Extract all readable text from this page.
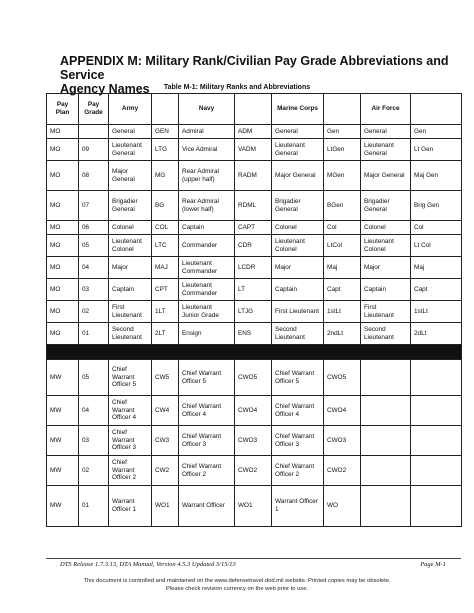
APPENDIX M: Military Rank/Civilian Pay Grade Abbreviations and Service
Agency Names	Table M-1: Military Ranks and Abbreviations
Pay Plan	Pay Grade	Army		Navy		Marine Corps		Air Force	
MO		General	GEN	Admiral	ADM	General	Gen	General	Gen
MO	09	Lieutenant General	LTG	Vice Admiral	VADM	Lieutenant General	LtGen	Lieutenant General	Lt Gen
MO	08	Major General	MG	Rear Admiral (upper half)	RADM	Major General	MGen	Major General	Maj Gen
MO	07	Brigadier General	BG	Rear Admiral (lower half)	RDML	Brigadier General	BGen	Brigadier General	Brig Gen
MO	06	Colonel	COL	Captain	CAPT	Colonel	Col	Colonel	Col
MO	05	Lieutenant Colonel	LTC	Commander	CDR	Lieutenant Colonel	LtCol	Lieutenant Colonel	Lt Col
MO	04	Major	MAJ	Lieutenant Commander	LCDR	Major	Maj	Major	Maj
MO	03	Captain	CPT	Lieutenant Commander	LT	Captain	Capt	Captain	Capt
MO	02	First Lieutenant	1LT	Lieutenant Junior Grade	LTJG	First Lieutenant	1stLt	First Lieutenant	1stLt
MO	01	Second Lieutenant	2LT	Ensign	ENS	Second Lieutenant	2ndLt	Second Lieutenant	2dLt

MW	05	Chief Warrant Officer 5	CW5	Chief Warrant Officer 5	CWO5	Chief Warrant Officer 5	CWO5		
MW	04	Chief Warrant Officer 4	CW4	Chief Warrant Officer 4	CWO4	Chief Warrant Officer 4	CWO4		
MW	03	Chief Warrant Officer 3	CW3	Chief Warrant Officer 3	CWO3	Chief Warrant Officer 3	CWO3		
MW	02	Chief Warrant Officer 2	CW2	Chief Warrant Officer 2	CWO2	Chief Warrant Officer 2	CWO2		
MW	01	Warrant Officer 1	WO1	Warrant Officer	WO1	Warrant Officer 1	WO		
DTS Release 1.7.3.13, DTA Manual, Version 4.5.3 Updated 3/15/13	Page M-1
This document is controlled and maintained on the www.defensetravel.dod.mil website. Printed copies may be obsolete.
Please check revision currency on the web prior to use.
